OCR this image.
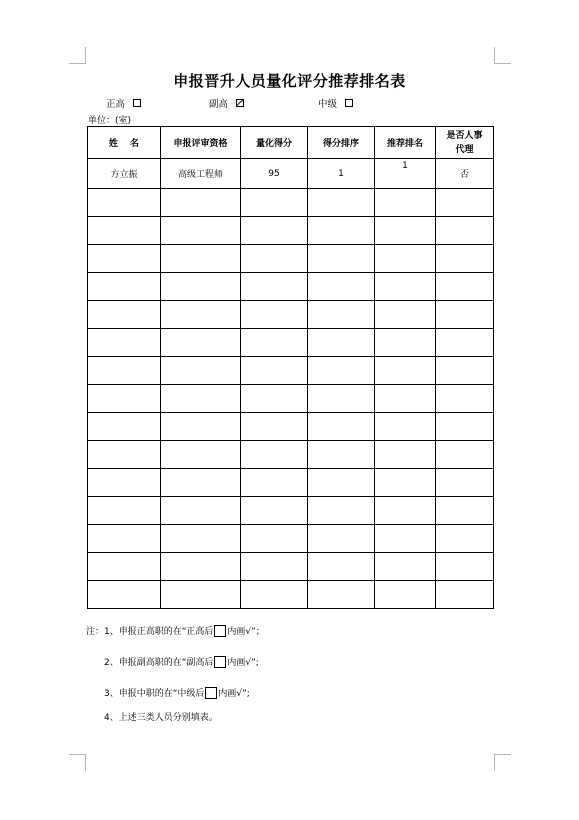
申报晋升人员量化评分推荐排名表
正高	副高	中级
单位：(室)
姓　 名	申报评审资格	量化得分	得分排序	推荐排名	是否人事
代理

方立振	高级工程师	95	1	1	否

注： 1、申报正高职的在“正高后 内画√”；
2、申报副高职的在“副高后 内画√”;
3、申报中职的在“中级后 内画√”;
4、上述三类人员分别填表。
